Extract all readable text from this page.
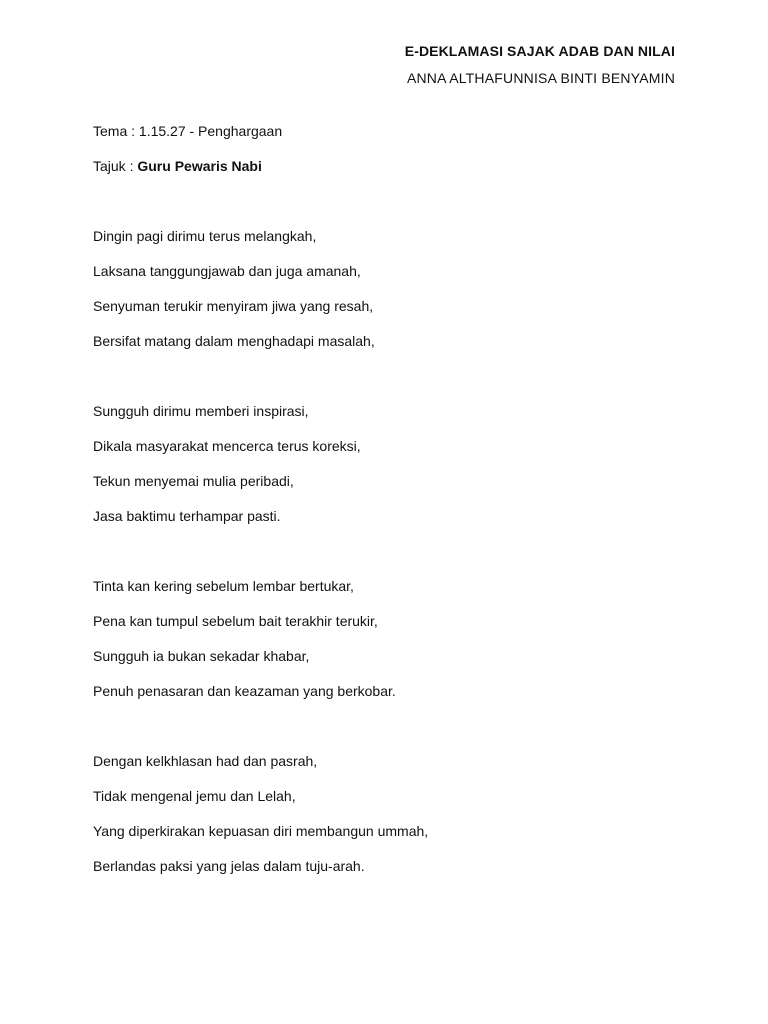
E-DEKLAMASI SAJAK ADAB DAN NILAI
ANNA ALTHAFUNNISA BINTI BENYAMIN
Tema : 1.15.27 - Penghargaan
Tajuk : Guru Pewaris Nabi
Dingin pagi dirimu terus melangkah,
Laksana tanggungjawab dan juga amanah,
Senyuman terukir menyiram jiwa yang resah,
Bersifat matang dalam menghadapi masalah,
Sungguh dirimu memberi inspirasi,
Dikala masyarakat mencerca terus koreksi,
Tekun menyemai mulia peribadi,
Jasa baktimu terhampar pasti.
Tinta kan kering sebelum lembar bertukar,
Pena kan tumpul sebelum bait terakhir terukir,
Sungguh ia bukan sekadar khabar,
Penuh penasaran dan keazaman yang berkobar.
Dengan kelkhlasan had dan pasrah,
Tidak mengenal jemu dan Lelah,
Yang diperkirakan kepuasan diri membangun ummah,
Berlandas paksi yang jelas dalam tuju-arah.
